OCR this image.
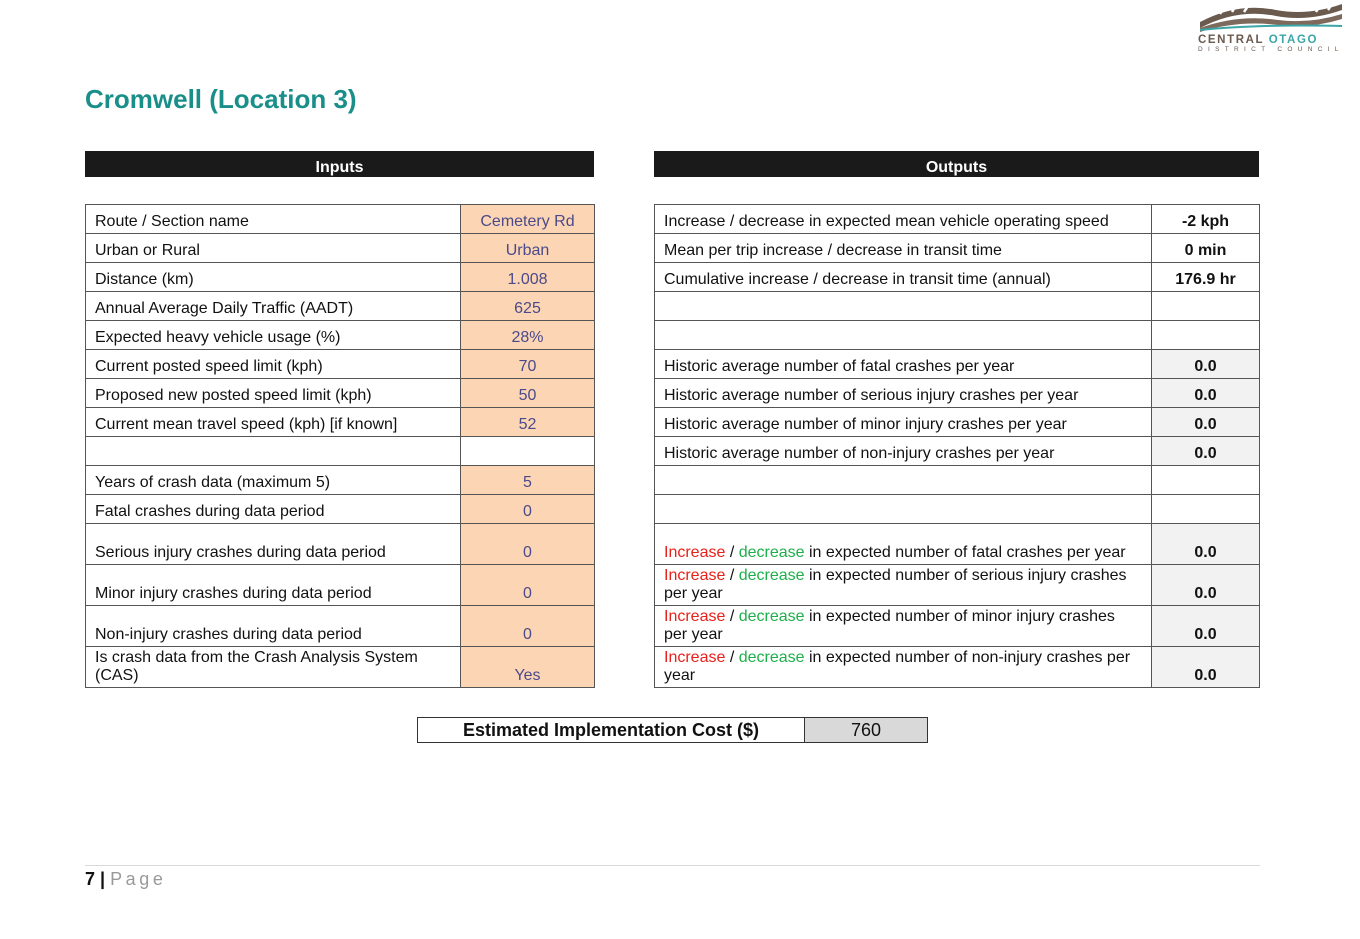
CENTRAL OTAGO
DISTRICT COUNCIL
Cromwell (Location 3)
Inputs	Outputs
Route / Section name	Cemetery Rd
Urban or Rural	Urban
Distance (km)	1.008
Annual Average Daily Traffic (AADT)	625
Expected heavy vehicle usage (%)	28%
Current posted speed limit (kph)	70
Proposed new posted speed limit (kph)	50
Current mean travel speed (kph) [if known]	52

Years of crash data (maximum 5)	5
Fatal crashes during data period	0
Serious injury crashes during data period	0
Minor injury crashes during data period	0
Non-injury crashes during data period	0
Is crash data from the Crash Analysis System (CAS)	Yes
Increase / decrease in expected mean vehicle operating speed	-2 kph
Mean per trip increase / decrease in transit time	0 min
Cumulative increase / decrease in transit time (annual)	176.9 hr

Historic average number of fatal crashes per year	0.0
Historic average number of serious injury crashes per year	0.0
Historic average number of minor injury crashes per year	0.0
Historic average number of non-injury crashes per year	0.0

Increase / decrease in expected number of fatal crashes per year	0.0
Increase / decrease in expected number of serious injury crashes per year	0.0
Increase / decrease in expected number of minor injury crashes per year	0.0
Increase / decrease in expected number of non-injury crashes per year	0.0
Estimated Implementation Cost ($)	760
7 | Page
